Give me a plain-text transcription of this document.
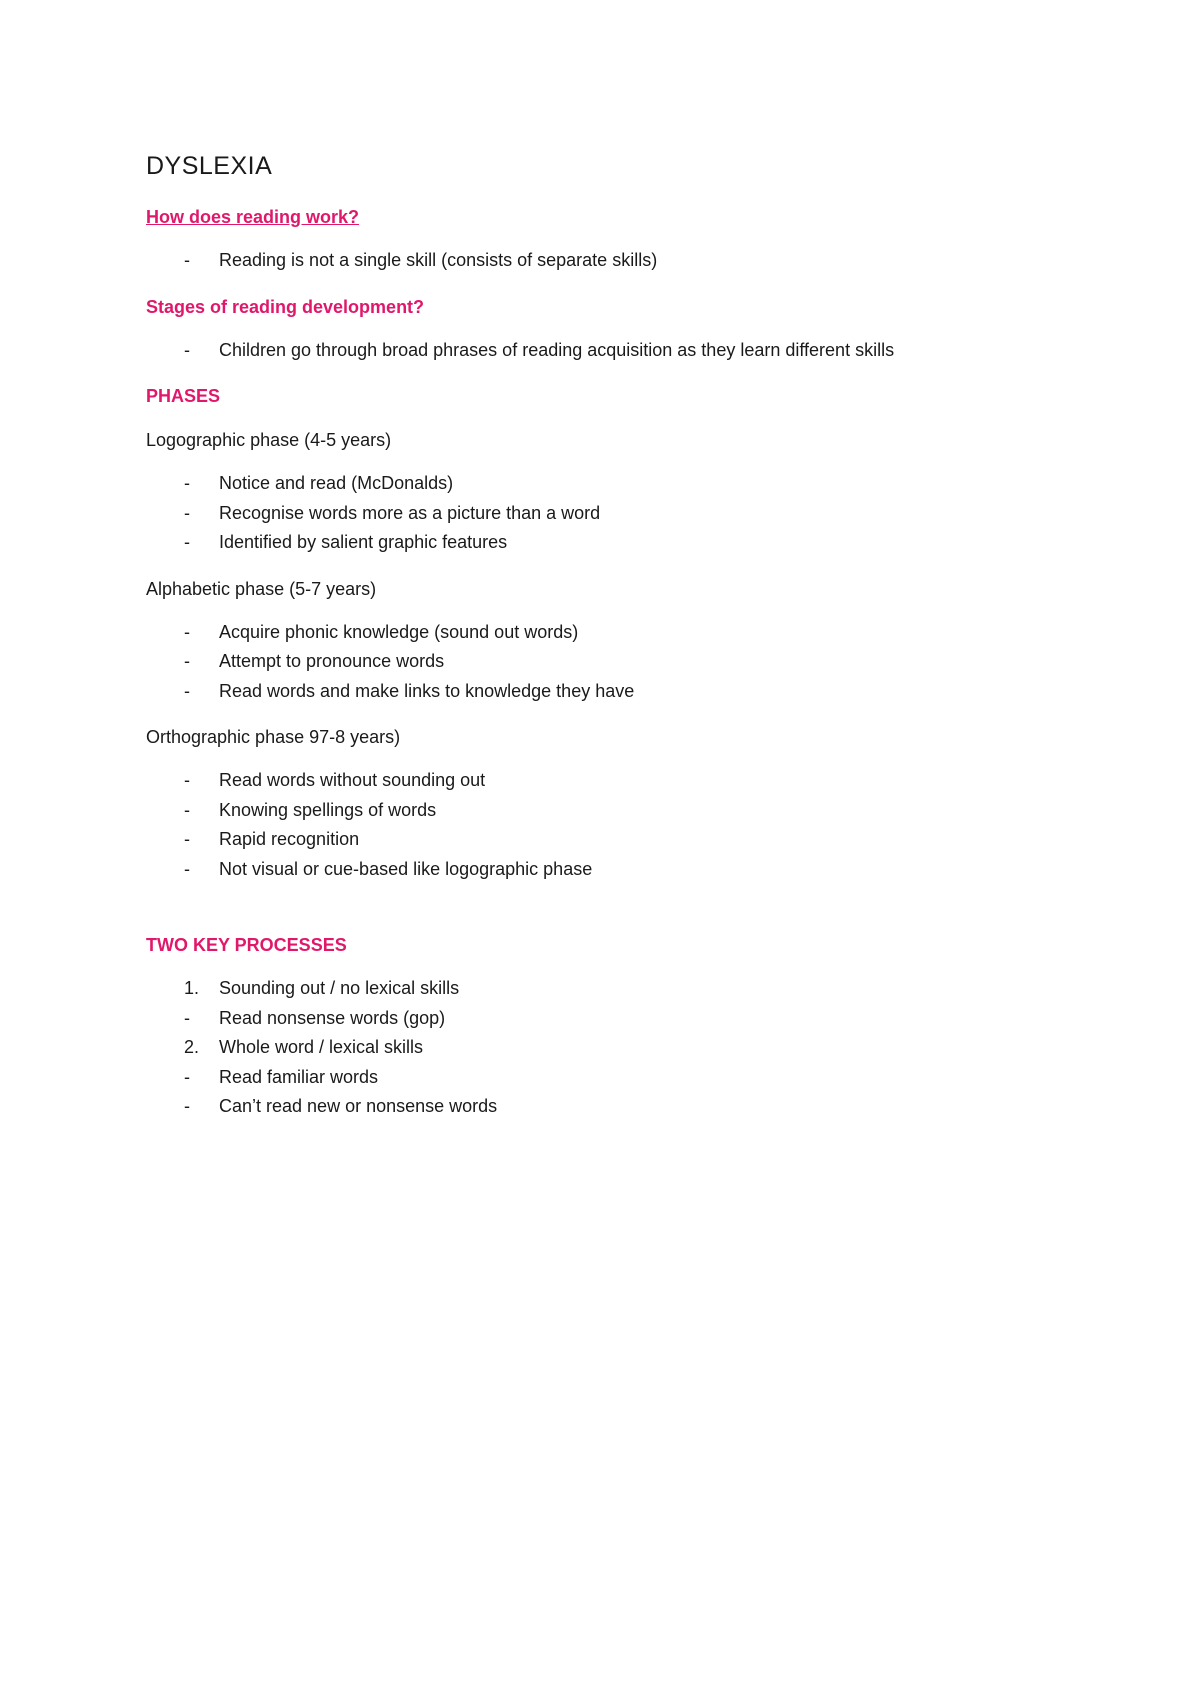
DYSLEXIA
How does reading work?
- Reading is not a single skill (consists of separate skills)
Stages of reading development?
- Children go through broad phrases of reading acquisition as they learn different skills
PHASES
Logographic phase (4-5 years)
- Notice and read (McDonalds)
- Recognise words more as a picture than a word
- Identified by salient graphic features
Alphabetic phase (5-7 years)
- Acquire phonic knowledge (sound out words)
- Attempt to pronounce words
- Read words and make links to knowledge they have
Orthographic phase 97-8 years)
- Read words without sounding out
- Knowing spellings of words
- Rapid recognition
- Not visual or cue-based like logographic phase
TWO KEY PROCESSES
1. Sounding out / no lexical skills
- Read nonsense words (gop)
2. Whole word / lexical skills
- Read familiar words
- Can’t read new or nonsense words
